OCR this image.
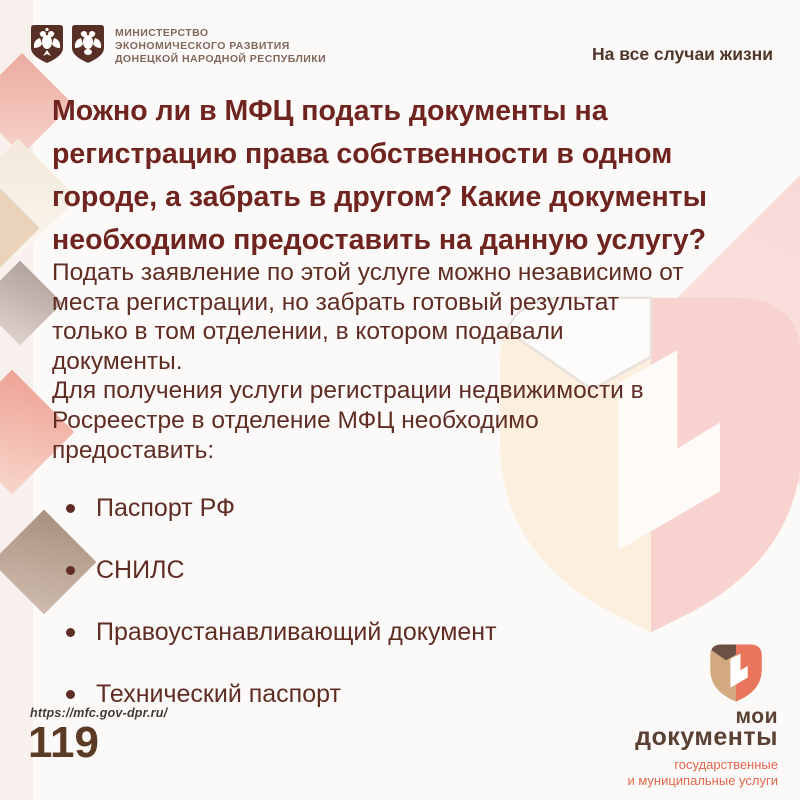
МИНИСТЕРСТВО
ЭКОНОМИЧЕСКОГО РАЗВИТИЯ
ДОНЕЦКОЙ НАРОДНОЙ РЕСПУБЛИКИ	На все случаи жизни
Можно ли в МФЦ подать документы на
регистрацию права собственности в одном
городе, а забрать в другом? Какие документы
необходимо предоставить на данную услугу?
Подать заявление по этой услуге можно независимо от
места регистрации, но забрать готовый результат
только в том отделении, в котором подавали
документы.
Для получения услуги регистрации недвижимости в
Росреестре в отделение МФЦ необходимо
предоставить:
Паспорт РФ
СНИЛС
Правоустанавливающий документ
Технический паспорт
https://mfc.gov-dpr.ru/
119
мои
документы
государственные
и муниципальные услуги
